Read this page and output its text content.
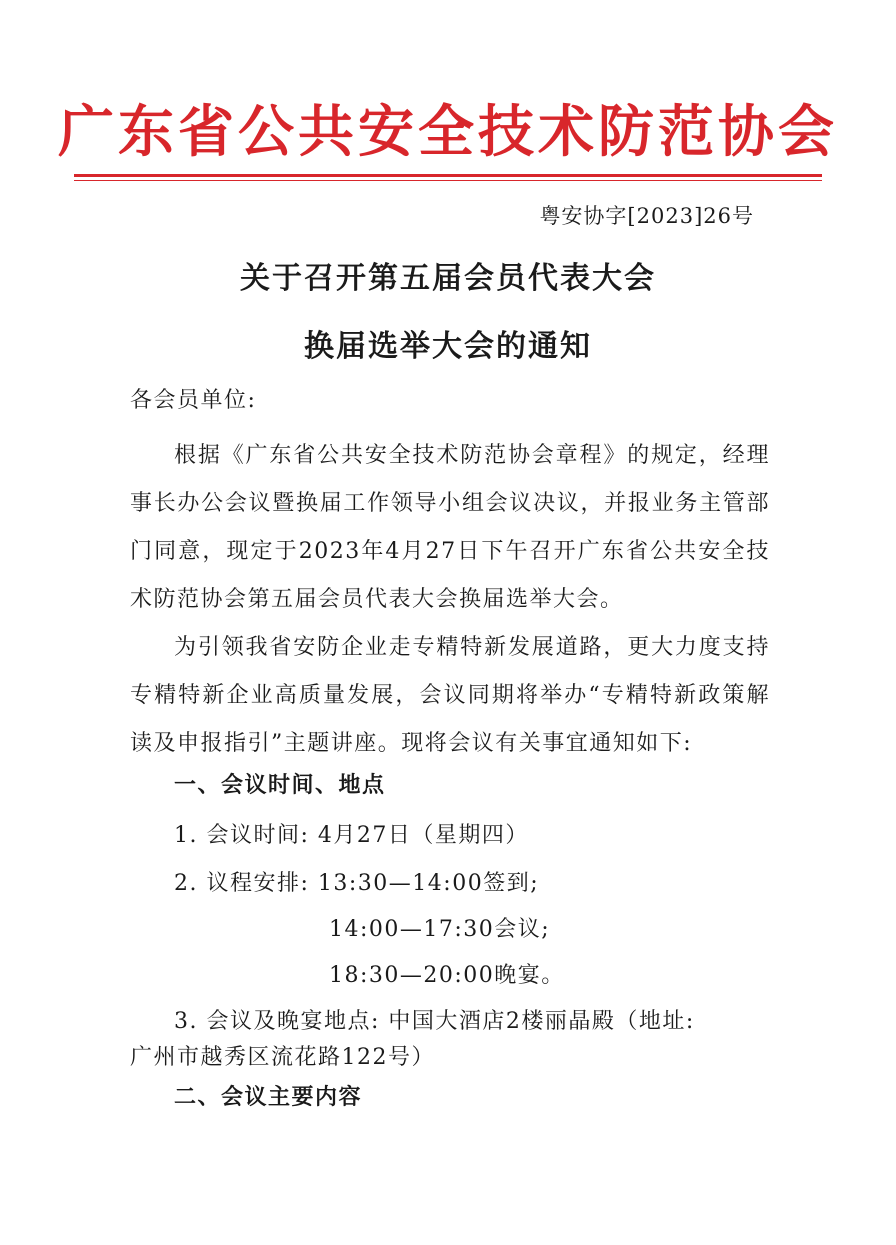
广东省公共安全技术防范协会
粤安协字[2023]26号
关于召开第五届会员代表大会
换届选举大会的通知
各会员单位:

根据《广东省公共安全技术防范协会章程》的规定，经理事长办公会议暨换届工作领导小组会议决议，并报业务主管部门同意，现定于2023年4月27日下午召开广东省公共安全技术防范协会第五届会员代表大会换届选举大会。

为引领我省安防企业走专精特新发展道路，更大力度支持专精特新企业高质量发展，会议同期将举办“专精特新政策解读及申报指引”主题讲座。现将会议有关事宜通知如下:

一、会议时间、地点
1. 会议时间: 4月27日（星期四）
2. 议程安排: 13:30—14:00签到;
14:00—17:30会议;
18:30—20:00晚宴。
3. 会议及晚宴地点: 中国大酒店2楼丽晶殿（地址:
广州市越秀区流花路122号）
二、会议主要内容
